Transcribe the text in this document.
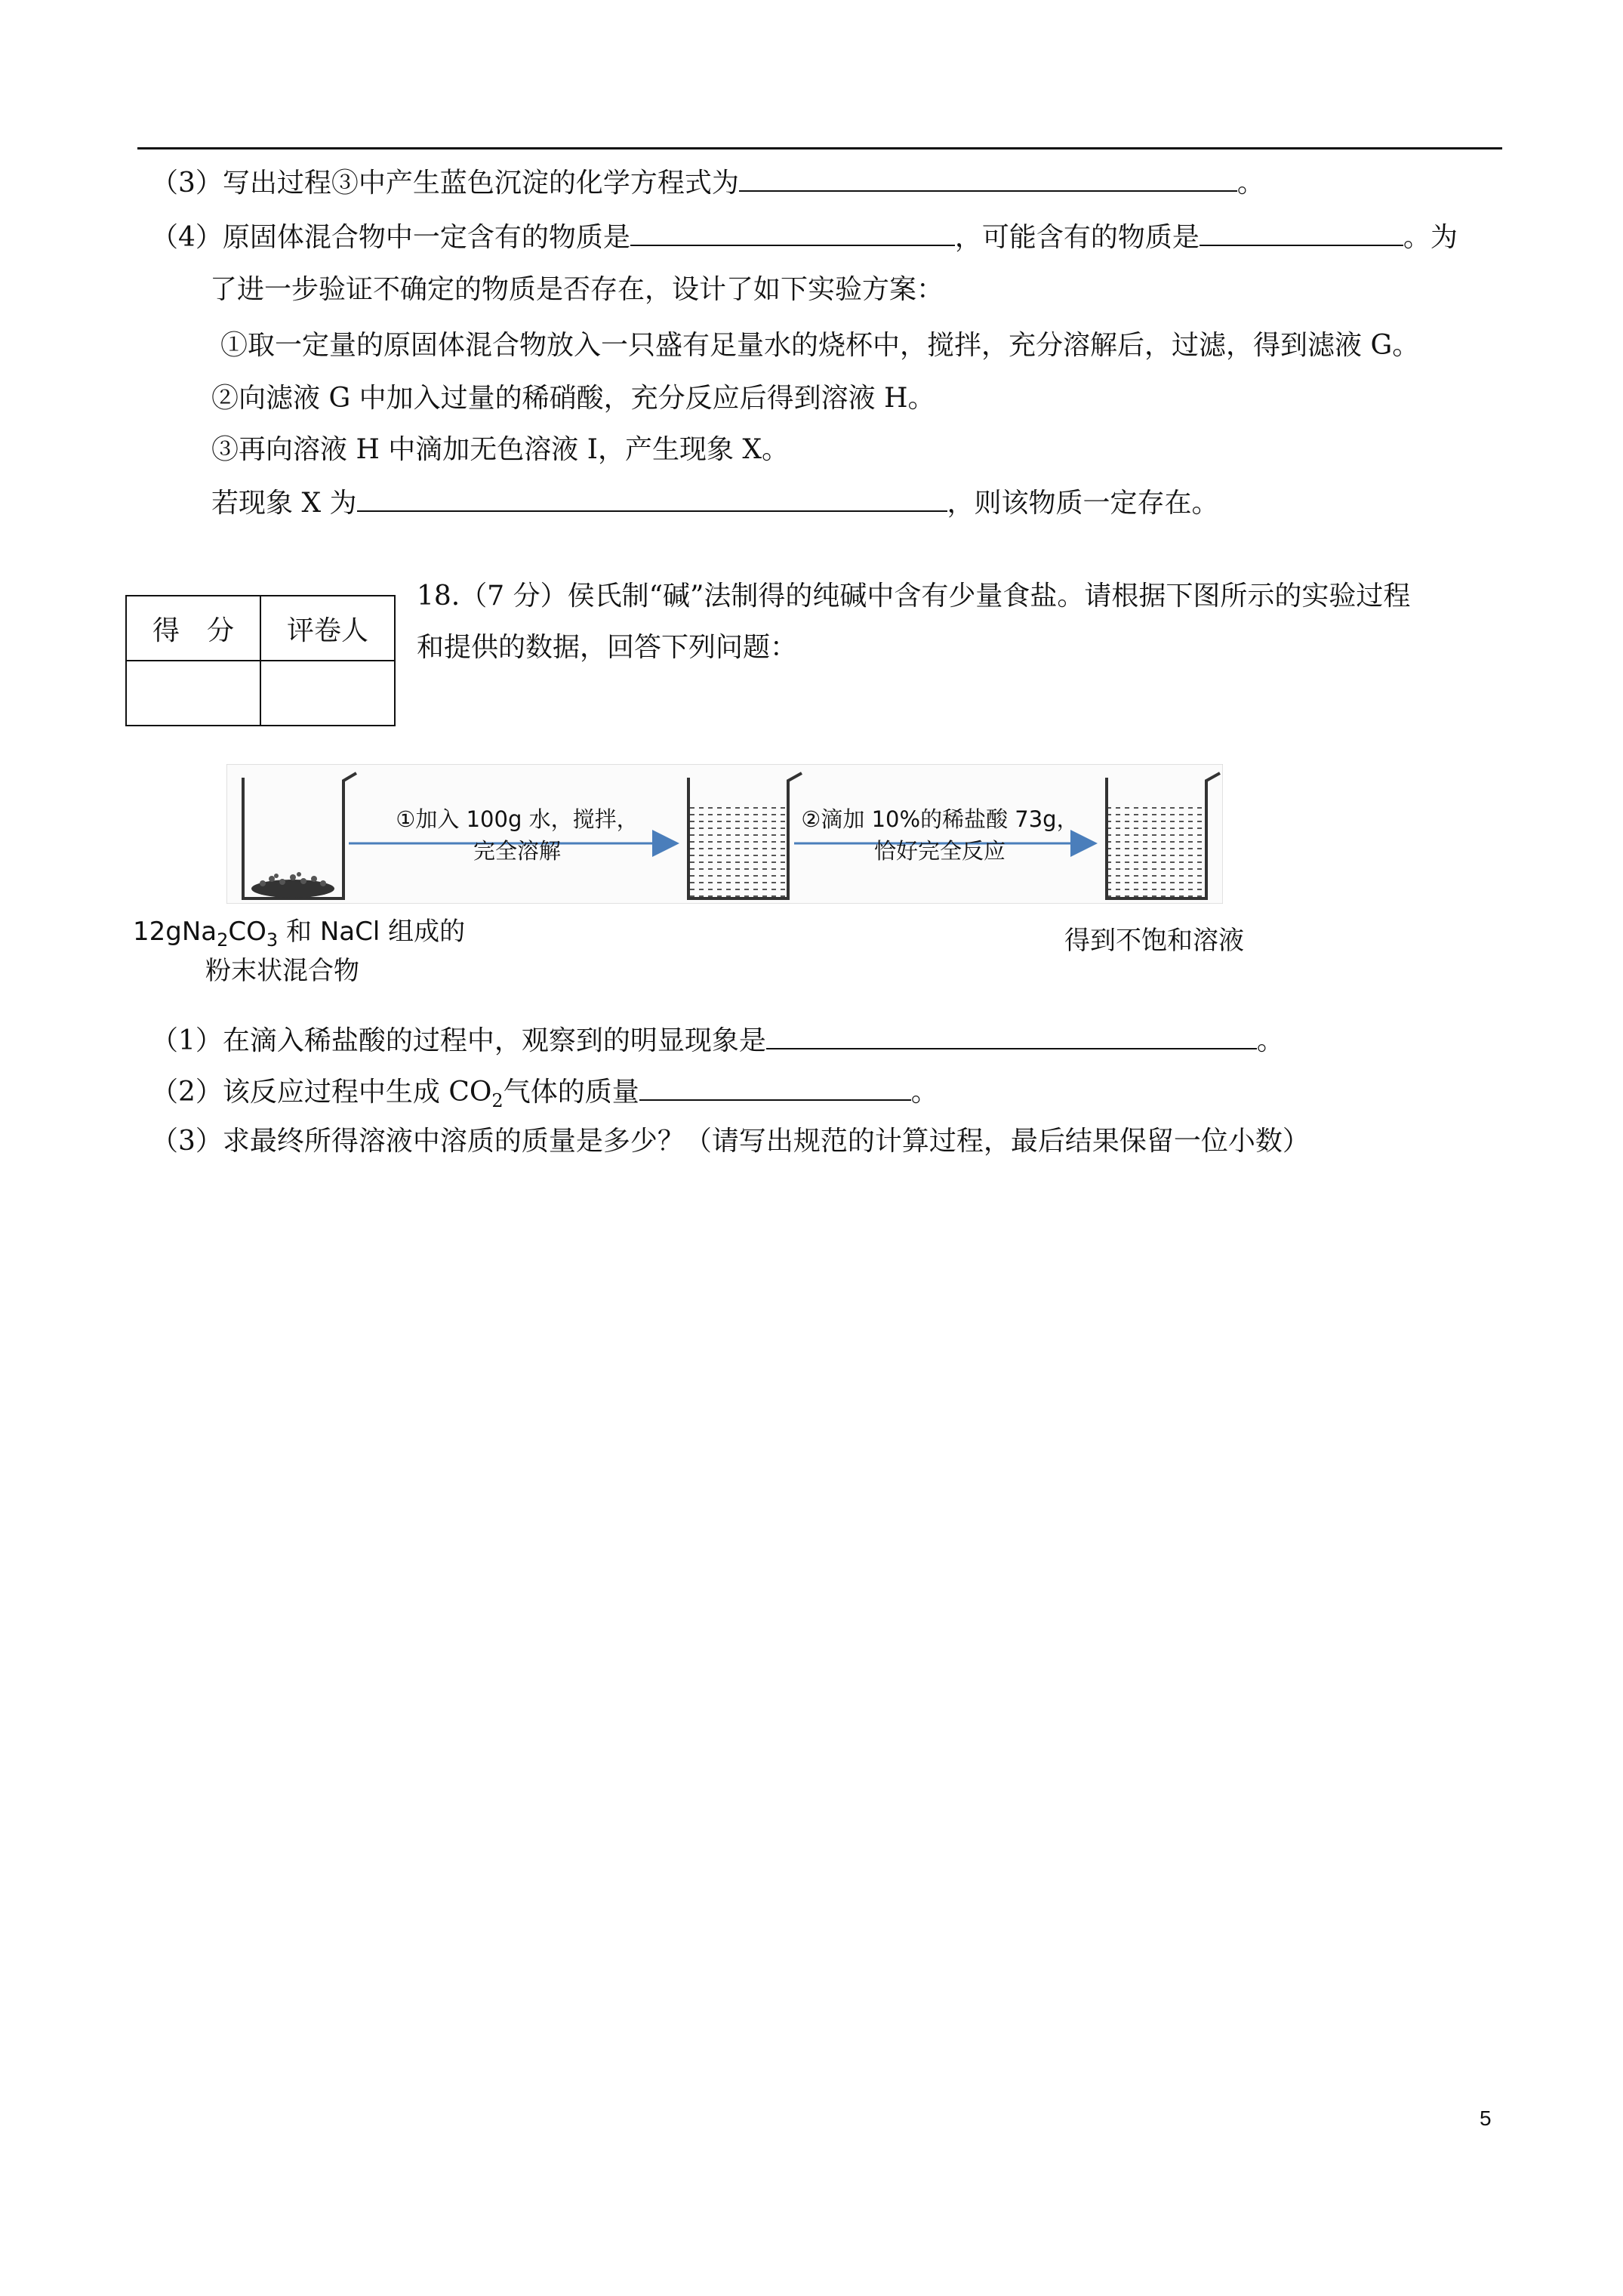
（3）写出过程③中产生蓝色沉淀的化学方程式为	。
（4）原固体混合物中一定含有的物质是	，可能含有的物质是	。为
了进一步验证不确定的物质是否存在，设计了如下实验方案：
①取一定量的原固体混合物放入一只盛有足量水的烧杯中，搅拌，充分溶解后，过滤，得到滤液 G。
②向滤液 G 中加入过量的稀硝酸，充分反应后得到溶液 H。
③再向溶液 H 中滴加无色溶液 I，产生现象 X。
若现象 X 为	，则该物质一定存在。
得　分	评卷人

18.（7 分）侯氏制“碱”法制得的纯碱中含有少量食盐。请根据下图所示的实验过程
和提供的数据，回答下列问题：
①加入 100g 水，搅拌，
完全溶解
②滴加 10%的稀盐酸 73g，
恰好完全反应
$12gNa_2CO_3$ 和 NaCl 组成的
粉末状混合物
得到不饱和溶液
（1）在滴入稀盐酸的过程中，观察到的明显现象是	。
（2）该反应过程中生成 $CO_2$气体的质量	。
（3）求最终所得溶液中溶质的质量是多少？（请写出规范的计算过程，最后结果保留一位小数）
5
